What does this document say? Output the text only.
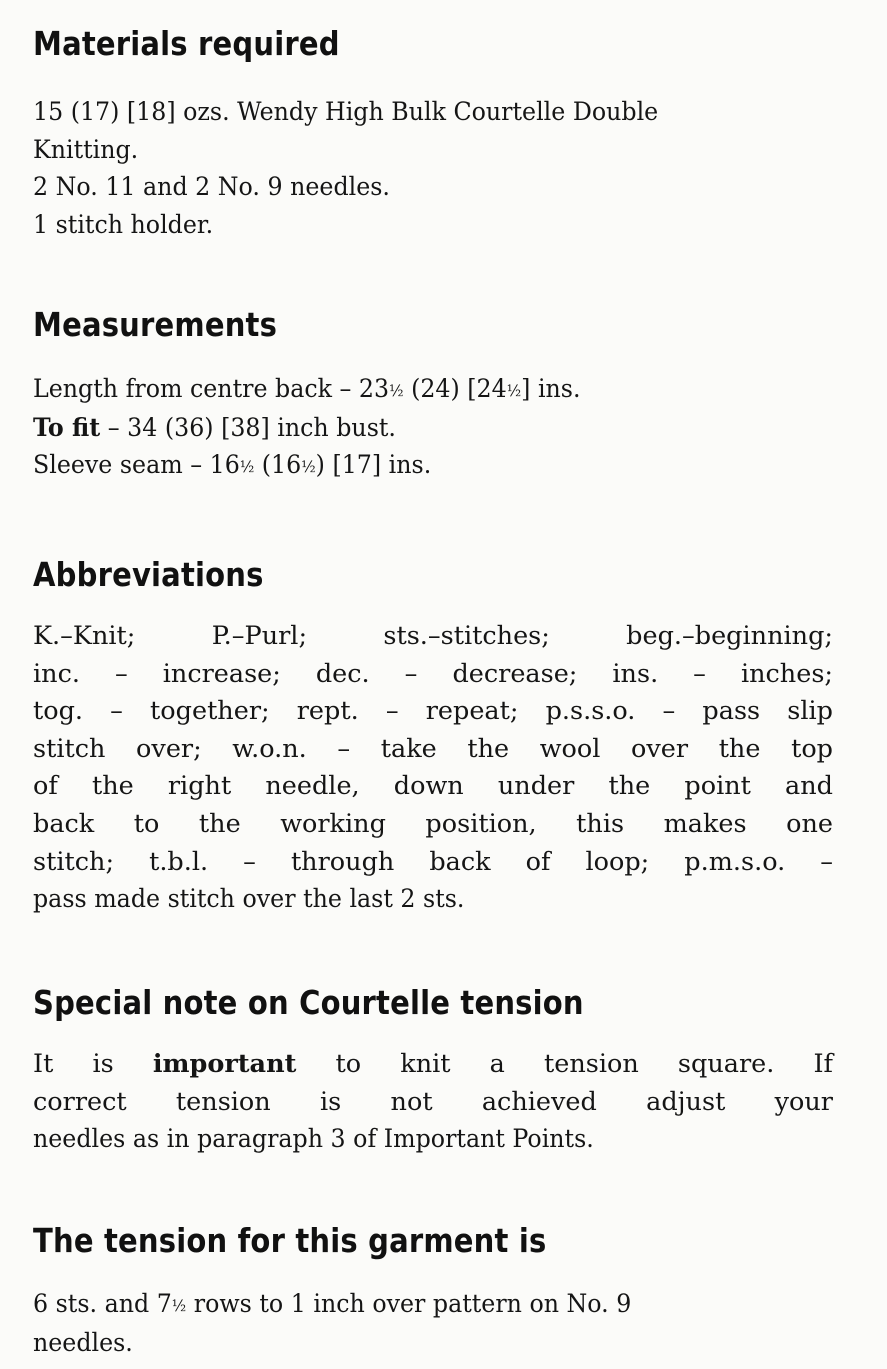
Materials required
15 (17) [18] ozs. Wendy High Bulk Courtelle Double
Knitting.
2 No. 11 and 2 No. 9 needles.
1 stitch holder.
Measurements
Length from centre back – 23½ (24) [24½] ins.
To fit – 34 (36) [38] inch bust.
Sleeve seam – 16½ (16½) [17] ins.
Abbreviations
K.–Knit; P.–Purl; sts.–stitches; beg.–beginning;
inc. – increase; dec. – decrease; ins. – inches;
tog. – together; rept. – repeat; p.s.s.o. – pass slip
stitch over; w.o.n. – take the wool over the top
of the right needle, down under the point and
back to the working position, this makes one
stitch; t.b.l. – through back of loop; p.m.s.o. –
pass made stitch over the last 2 sts.
Special note on Courtelle tension
It is important to knit a tension square. If
correct tension is not achieved adjust your
needles as in paragraph 3 of Important Points.
The tension for this garment is
6 sts. and 7½ rows to 1 inch over pattern on No. 9
needles.
